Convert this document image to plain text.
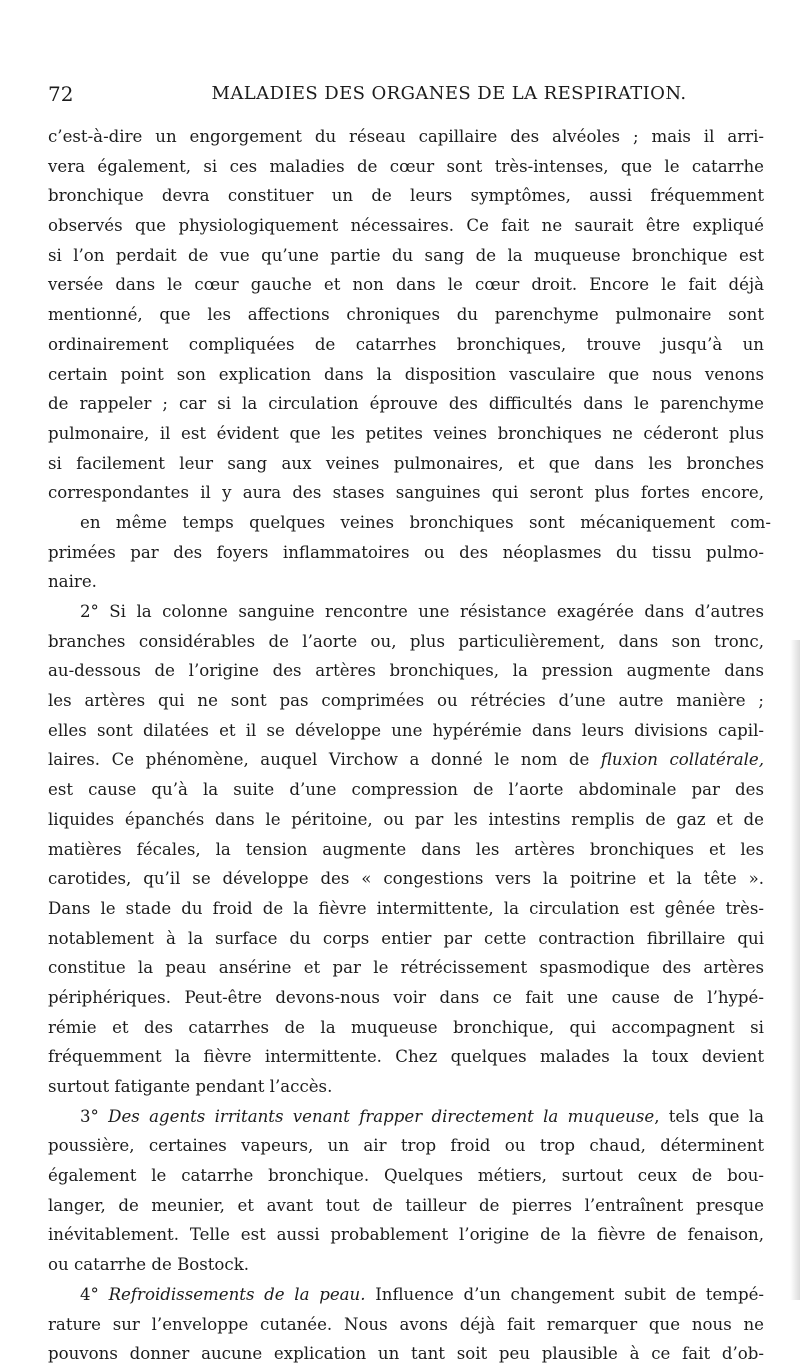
72	MALADIES DES ORGANES DE LA RESPIRATION.
c’est-à-dire un engorgement du réseau capillaire des alvéoles ; mais il arri-
vera également, si ces maladies de cœur sont très-intenses, que le catarrhe
bronchique devra constituer un de leurs symptômes, aussi fréquemment
observés que physiologiquement nécessaires. Ce fait ne saurait être expliqué
si l’on perdait de vue qu’une partie du sang de la muqueuse bronchique est
versée dans le cœur gauche et non dans le cœur droit. Encore le fait déjà
mentionné, que les affections chroniques du parenchyme pulmonaire sont
ordinairement compliquées de catarrhes bronchiques, trouve jusqu’à un
certain point son explication dans la disposition vasculaire que nous venons
de rappeler ; car si la circulation éprouve des difficultés dans le parenchyme
pulmonaire, il est évident que les petites veines bronchiques ne céderont plus
si facilement leur sang aux veines pulmonaires, et que dans les bronches
correspondantes il y aura des stases sanguines qui seront plus fortes encore,
en même temps quelques veines bronchiques sont mécaniquement com-
primées par des foyers inflammatoires ou des néoplasmes du tissu pulmo-
naire.
2° Si la colonne sanguine rencontre une résistance exagérée dans d’autres
branches considérables de l’aorte ou, plus particulièrement, dans son tronc,
au-dessous de l’origine des artères bronchiques, la pression augmente dans
les artères qui ne sont pas comprimées ou rétrécies d’une autre manière ;
elles sont dilatées et il se développe une hypérémie dans leurs divisions capil-
laires. Ce phénomène, auquel Virchow a donné le nom de fluxion collatérale,
est cause qu’à la suite d’une compression de l’aorte abdominale par des
liquides épanchés dans le péritoine, ou par les intestins remplis de gaz et de
matières fécales, la tension augmente dans les artères bronchiques et les
carotides, qu’il se développe des « congestions vers la poitrine et la tête ».
Dans le stade du froid de la fièvre intermittente, la circulation est gênée très-
notablement à la surface du corps entier par cette contraction fibrillaire qui
constitue la peau ansérine et par le rétrécissement spasmodique des artères
périphériques. Peut-être devons-nous voir dans ce fait une cause de l’hypé-
rémie et des catarrhes de la muqueuse bronchique, qui accompagnent si
fréquemment la fièvre intermittente. Chez quelques malades la toux devient
surtout fatigante pendant l’accès.
3° Des agents irritants venant frapper directement la muqueuse, tels que la
poussière, certaines vapeurs, un air trop froid ou trop chaud, déterminent
également le catarrhe bronchique. Quelques métiers, surtout ceux de bou-
langer, de meunier, et avant tout de tailleur de pierres l’entraînent presque
inévitablement. Telle est aussi probablement l’origine de la fièvre de fenaison,
ou catarrhe de Bostock.
4° Refroidissements de la peau. Influence d’un changement subit de tempé-
rature sur l’enveloppe cutanée. Nous avons déjà fait remarquer que nous ne
pouvons donner aucune explication un tant soit peu plausible à ce fait d’ob-
